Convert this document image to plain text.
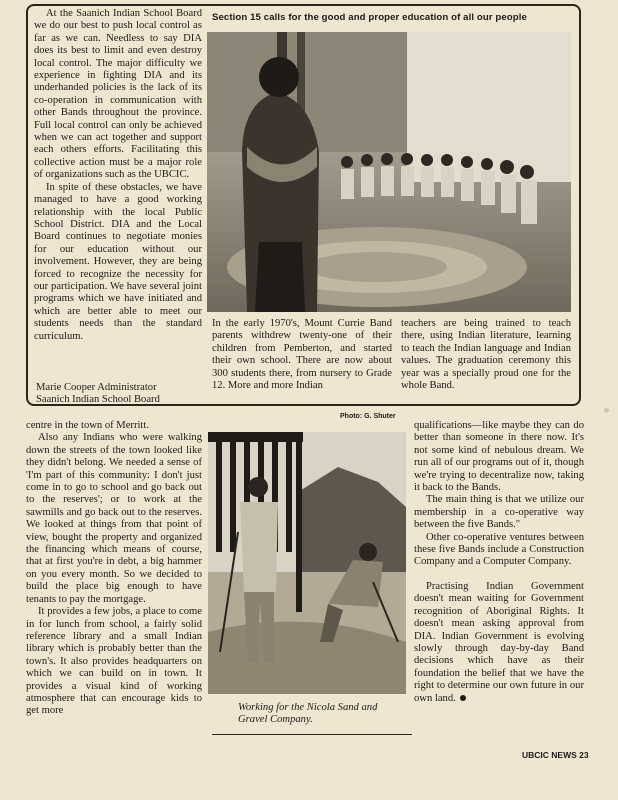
At the Saanich Indian School Board we do our best to push local control as far as we can. Needless to say DIA does its best to limit and even destroy local control. The major difficulty we experience in fighting DIA and its underhanded policies is the lack of its co-operation in communication with other Bands throughout the province. Full local control can only be achieved when we can act together and support each others efforts. Facilitating this collective action must be a major role of organizations such as the UBCIC.

In spite of these obstacles, we have managed to have a good working relationship with the local Public School District. DIA and the Local Board continues to negotiate monies for our education without our involvement. However, they are being forced to recognize the necessity for our participation. We have several joint programs which we have initiated and which are better able to meet our students needs than the standard curriculum.

Marie Cooper Administrator
Saanich Indian School Board
Section 15 calls for the good and proper education of all our people

In the early 1970's, Mount Currie Band parents withdrew twenty-one of their children from Pemberton, and started their own school. There are now about 300 students there, from nursery to Grade 12. More and more Indian

teachers are being trained to teach there, using Indian literature, learning to teach the Indian language and Indian values. The graduation ceremony this year was a specially proud one for the whole Band.

Photo: G. Shuter

centre in the town of Merritt.

Also any Indians who were walking down the streets of the town looked like they didn't belong. We needed a sense of 'I'm part of this community: I don't just come in to go to school and go back out to the reserves'; or to work at the sawmills and go back out to the reserves. We looked at things from that point of view, bought the property and organized the financing which means of course, that at first you're in debt, a big hammer on you every month. So we decided to build the place big enough to have tenants to pay the mortgage.

It provides a few jobs, a place to come in for lunch from school, a fairly solid reference library and a small Indian library which is probably better than the town's. It also provides headquarters on which we can build on in town. It provides a visual kind of working atmosphere that can encourage kids to get more	Working for the Nicola Sand and Gravel Company.

qualifications—like maybe they can do better than someone in there now. It's not some kind of nebulous dream. We run all of our programs out of it, though we're trying to decentralize now, taking it back to the Bands.

The main thing is that we utilize our membership in a co-operative way between the five Bands."

Other co-operative ventures between these five Bands include a Construction Company and a Computer Company.

Practising Indian Government doesn't mean waiting for Government recognition of Aboriginal Rights. It doesn't mean asking approval from DIA. Indian Government is evolving slowly through day-by-day Band decisions which have as their foundation the belief that we have the right to determine our own future in our own land.

UBCIC NEWS 23
